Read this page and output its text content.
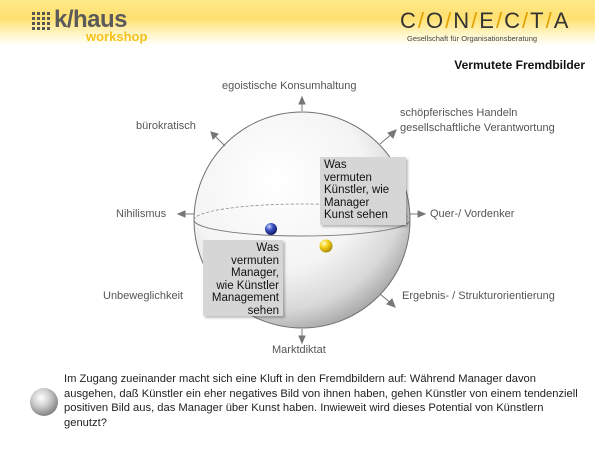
k/haus
workshop
C/O/N/E/C/T/A
Gesellschaft für Organisationsberatung
Vermutete Fremdbilder
egoistische Konsumhaltung
bürokratisch
schöpferisches Handeln
gesellschaftliche Verantwortung
Nihilismus	Quer-/ Vordenker
Unbeweglichkeit	Ergebnis- / Strukturorientierung
Marktdiktat
Was
vermuten
Künstler, wie
Manager
Kunst sehen
Was
vermuten
Manager,
wie Künstler
Management
sehen
Im Zugang zueinander macht sich eine Kluft in den Fremdbildern auf: Während Manager davon ausgehen, daß Künstler ein eher negatives Bild von ihnen haben, gehen Künstler von einem tendenziell positiven Bild aus, das Manager über Kunst haben. Inwieweit wird dieses Potential von Künstlern genutzt?
